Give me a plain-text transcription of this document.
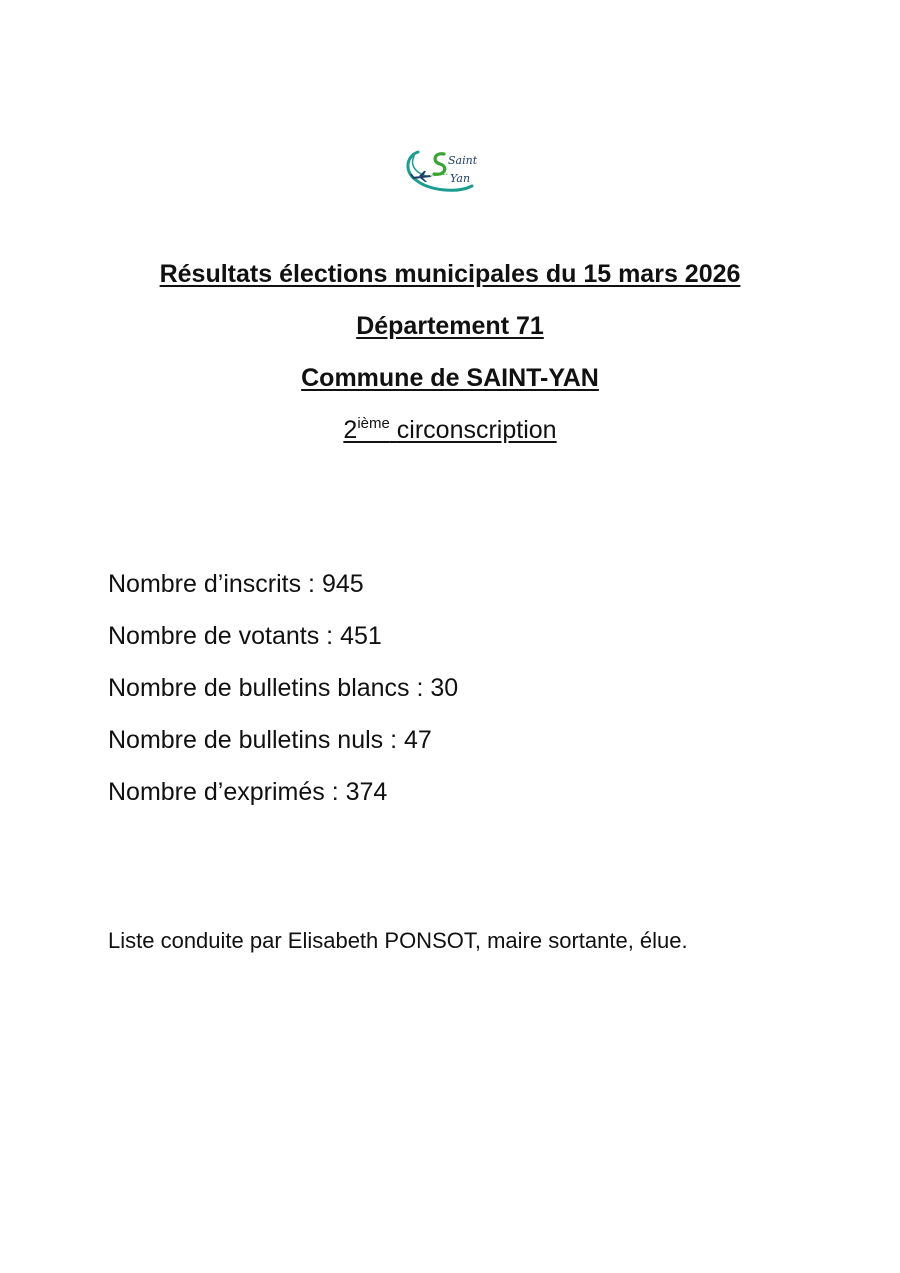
Saint
Yan
Résultats élections municipales du 15 mars 2026
Département 71
Commune de SAINT-YAN
2ième circonscription
Nombre d’inscrits : 945
Nombre de votants : 451
Nombre de bulletins blancs : 30
Nombre de bulletins nuls : 47
Nombre d’exprimés : 374
Liste conduite par Elisabeth PONSOT, maire sortante, élue.
